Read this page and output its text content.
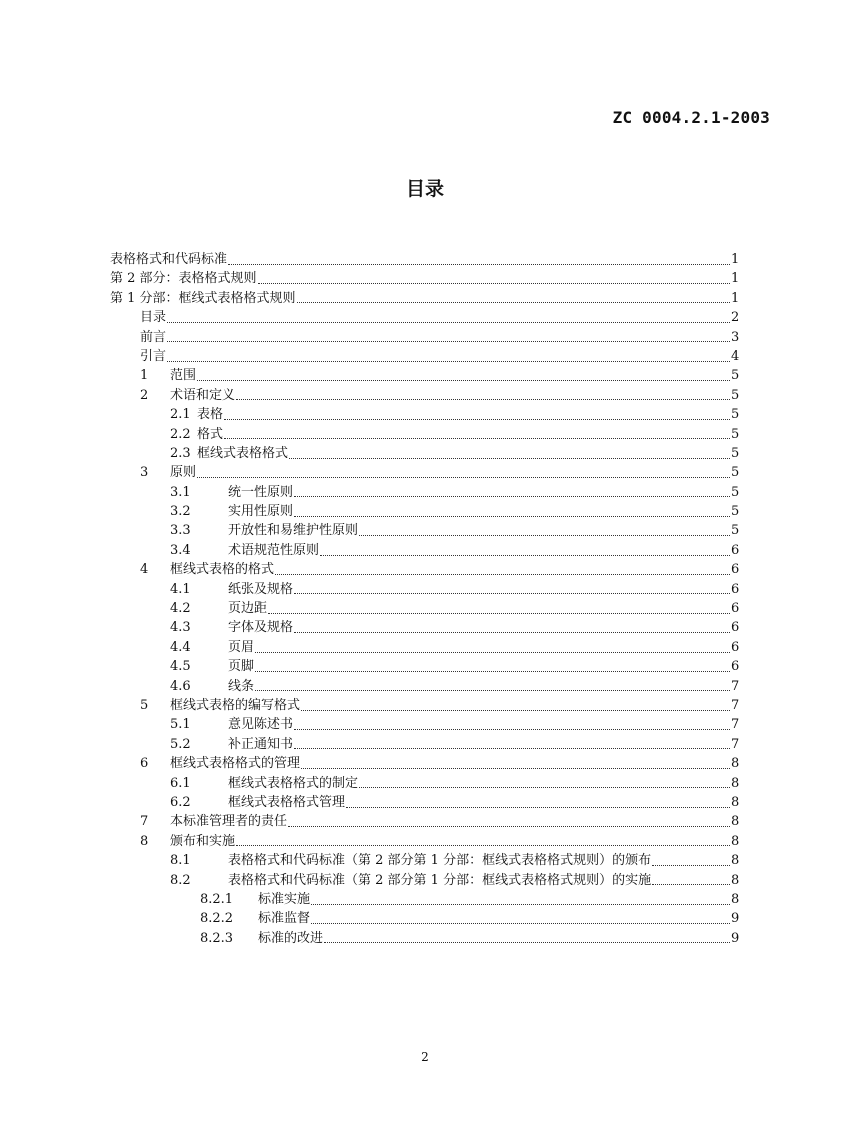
ZC 0004.2.1-2003
目录
表格格式和代码标准	1
第 2 部分：表格格式规则	1
第 1 分部：框线式表格格式规则	1
目录	2
前言	3
引言	4
1	范围	5
2	术语和定义	5
2.1 表格	5
2.2 格式	5
2.3 框线式表格格式	5
3	原则	5
3.1	统一性原则	5
3.2	实用性原则	5
3.3	开放性和易维护性原则	5
3.4	术语规范性原则	6
4	框线式表格的格式	6
4.1	纸张及规格	6
4.2	页边距	6
4.3	字体及规格	6
4.4	页眉	6
4.5	页脚	6
4.6	线条	7
5	框线式表格的编写格式	7
5.1	意见陈述书	7
5.2	补正通知书	7
6	框线式表格格式的管理	8
6.1	框线式表格格式的制定	8
6.2	框线式表格格式管理	8
7	本标准管理者的责任	8
8	颁布和实施	8
8.1	表格格式和代码标准（第 2 部分第 1 分部：框线式表格格式规则）的颁布	8
8.2	表格格式和代码标准（第 2 部分第 1 分部：框线式表格格式规则）的实施	8
8.2.1	标准实施	8
8.2.2	标准监督	9
8.2.3	标准的改进	9
2
